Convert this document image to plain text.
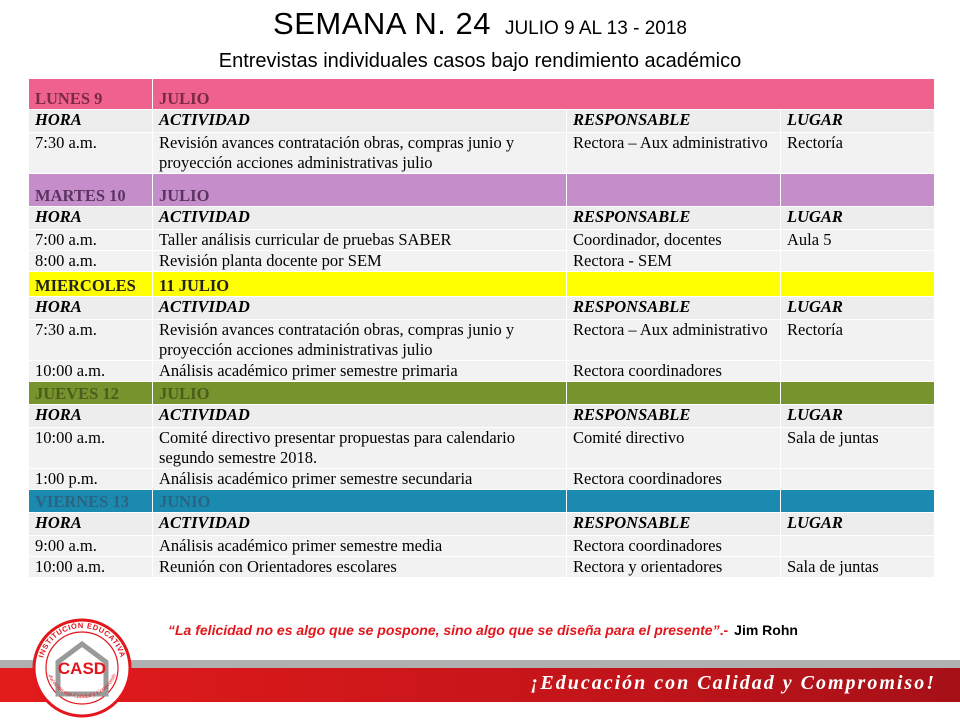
SEMANA N. 24 JULIO 9 AL 13 - 2018
Entrevistas individuales casos bajo rendimiento académico
LUNES 9	JULIO		
HORA	ACTIVIDAD	RESPONSABLE	LUGAR
7:30 a.m.	Revisión avances contratación obras, compras junio y proyección acciones administrativas julio	Rectora – Aux administrativo	Rectoría
MARTES 10	JULIO		
HORA	ACTIVIDAD	RESPONSABLE	LUGAR
7:00 a.m.	Taller análisis curricular de pruebas SABER	Coordinador, docentes	Aula 5
8:00 a.m.	Revisión planta docente por SEM	Rectora - SEM	
MIERCOLES	11 JULIO		
HORA	ACTIVIDAD	RESPONSABLE	LUGAR
7:30 a.m.	Revisión avances contratación obras, compras junio y proyección acciones administrativas julio	Rectora – Aux administrativo	Rectoría
10:00 a.m.	Análisis académico primer semestre primaria	Rectora coordinadores	
JUEVES 12	JULIO		
HORA	ACTIVIDAD	RESPONSABLE	LUGAR
10:00 a.m.	Comité directivo presentar propuestas para calendario segundo semestre 2018.	Comité directivo	Sala de juntas
1:00 p.m.	Análisis académico primer semestre secundaria	Rectora coordinadores	
VIERNES 13	JUNIO		
HORA	ACTIVIDAD	RESPONSABLE	LUGAR
9:00 a.m.	Análisis académico primer semestre media	Rectora coordinadores	
10:00 a.m.	Reunión con Orientadores escolares	Rectora y orientadores	Sala de juntas
“La felicidad no es algo que se pospone, sino algo que se diseña para el presente”.- Jim Rohn
¡Educación con Calidad y Compromiso!
INSTITUCIÓN EDUCATIVA
CASD
ducación con Calidad y Compromis
